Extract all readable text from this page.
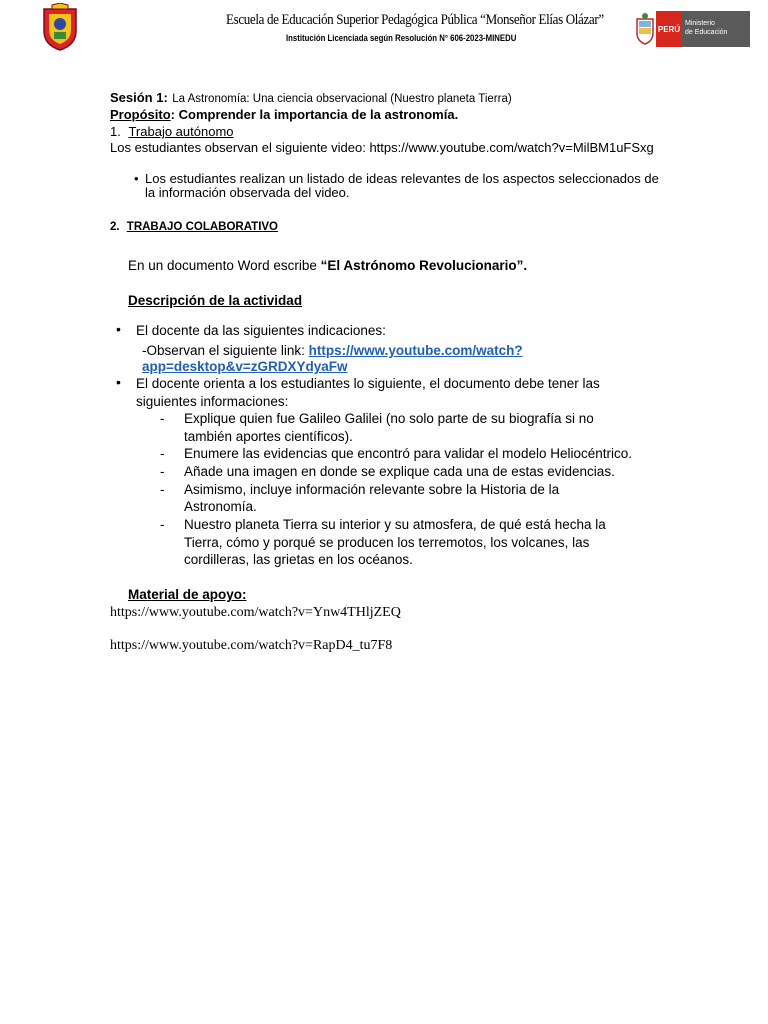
Escuela de Educación Superior Pedagógica Pública “Monseñor Elías Olázar”
Institución Licenciada según Resolución N° 606-2023-MINEDU
PERÚ
Ministerio
de Educación
Sesión 1: La Astronomía: Una ciencia observacional (Nuestro planeta Tierra)
Propósito: Comprender la importancia de la astronomía.
1. Trabajo autónomo
Los estudiantes observan el siguiente video: https://www.youtube.com/watch?v=MilBM1uFSxg
• Los estudiantes realizan un listado de ideas relevantes de los aspectos seleccionados de
la información observada del video.
2. TRABAJO COLABORATIVO
En un documento Word escribe “El Astrónomo Revolucionario”.
Descripción de la actividad
• El docente da las siguientes indicaciones:
-Observan el siguiente link: https://www.youtube.com/watch?
app=desktop&v=zGRDXYdyaFw
• El docente orienta a los estudiantes lo siguiente, el documento debe tener las
siguientes informaciones:
- Explique quien fue Galileo Galilei (no solo parte de su biografía si no
también aportes científicos).
- Enumere las evidencias que encontró para validar el modelo Heliocéntrico.
- Añade una imagen en donde se explique cada una de estas evidencias.
- Asimismo, incluye información relevante sobre la Historia de la
Astronomía.
- Nuestro planeta Tierra su interior y su atmosfera, de qué está hecha la
Tierra, cómo y porqué se producen los terremotos, los volcanes, las
cordilleras, las grietas en los océanos.
Material de apoyo:
https://www.youtube.com/watch?v=Ynw4THljZEQ
https://www.youtube.com/watch?v=RapD4_tu7F8
